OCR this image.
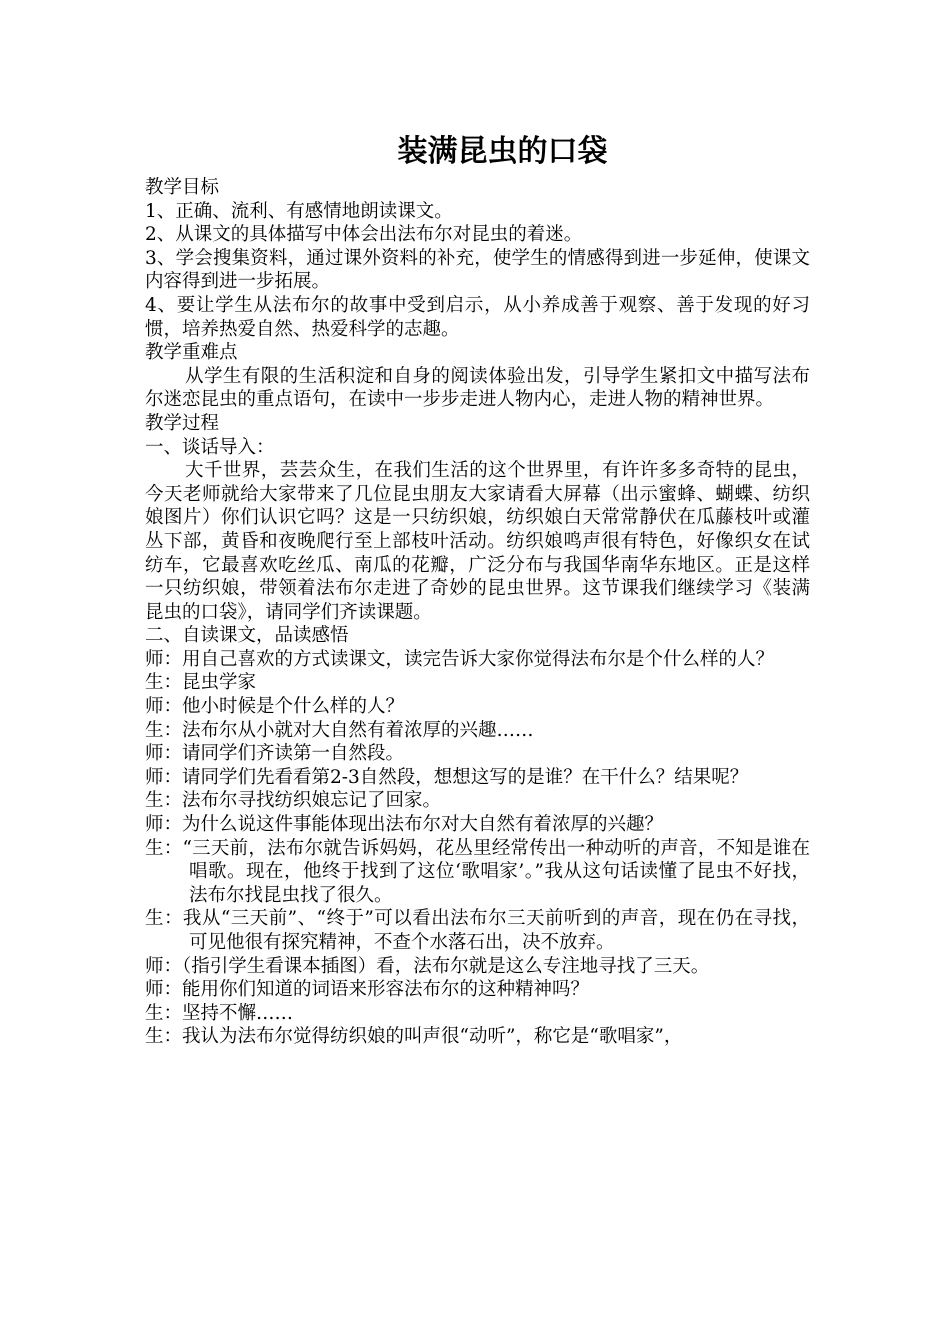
装满昆虫的口袋

教学目标

1、正确、流利、有感情地朗读课文。

2、从课文的具体描写中体会出法布尔对昆虫的着迷。

3、学会搜集资料，通过课外资料的补充，使学生的情感得到进一步延伸，使课文内容得到进一步拓展。

4、要让学生从法布尔的故事中受到启示，从小养成善于观察、善于发现的好习惯，培养热爱自然、热爱科学的志趣。

教学重难点

从学生有限的生活积淀和自身的阅读体验出发，引导学生紧扣文中描写法布尔迷恋昆虫的重点语句，在读中一步步走进人物内心，走进人物的精神世界。

教学过程

一、谈话导入：

大千世界，芸芸众生，在我们生活的这个世界里，有许许多多奇特的昆虫，今天老师就给大家带来了几位昆虫朋友大家请看大屏幕（出示蜜蜂、蝴蝶、纺织娘图片）你们认识它吗？这是一只纺织娘，纺织娘白天常常静伏在瓜藤枝叶或灌丛下部，黄昏和夜晚爬行至上部枝叶活动。纺织娘鸣声很有特色，好像织女在试纺车，它最喜欢吃丝瓜、南瓜的花瓣，广泛分布与我国华南华东地区。正是这样一只纺织娘，带领着法布尔走进了奇妙的昆虫世界。这节课我们继续学习《装满昆虫的口袋》，请同学们齐读课题。

二、自读课文，品读感悟

师：用自己喜欢的方式读课文，读完告诉大家你觉得法布尔是个什么样的人？

生：昆虫学家

师：他小时候是个什么样的人？

生：法布尔从小就对大自然有着浓厚的兴趣……

师：请同学们齐读第一自然段。

师：请同学们先看看第2-3自然段，想想这写的是谁？在干什么？结果呢？

生：法布尔寻找纺织娘忘记了回家。

师：为什么说这件事能体现出法布尔对大自然有着浓厚的兴趣？

生：“三天前，法布尔就告诉妈妈，花丛里经常传出一种动听的声音，不知是谁在唱歌。现在，他终于找到了这位‘歌唱家’。”我从这句话读懂了昆虫不好找，法布尔找昆虫找了很久。

生：我从“三天前”、“终于”可以看出法布尔三天前听到的声音，现在仍在寻找，可见他很有探究精神，不查个水落石出，决不放弃。

师：（指引学生看课本插图）看，法布尔就是这么专注地寻找了三天。

师：能用你们知道的词语来形容法布尔的这种精神吗？

生：坚持不懈……

生：我认为法布尔觉得纺织娘的叫声很“动听”，称它是“歌唱家”，
